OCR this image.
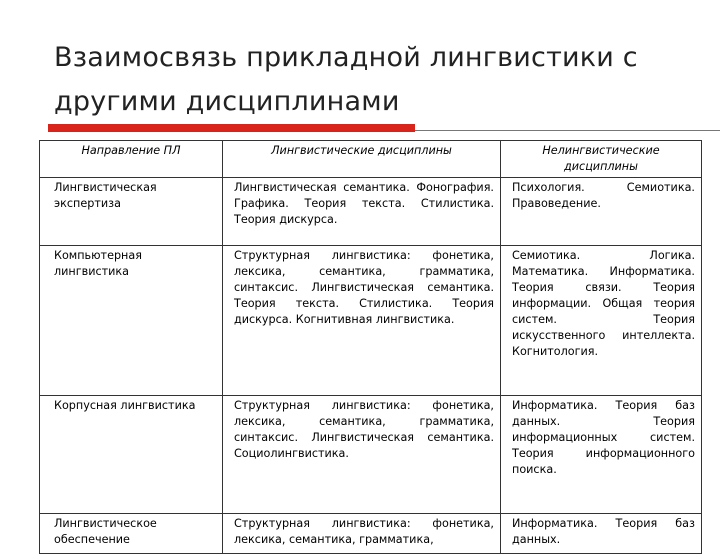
Взаимосвязь прикладной лингвистики с
другими дисциплинами
Направление ПЛ	Лингвистические дисциплины	Нелингвистические дисциплины
Лингвистическая экспертиза	Лингвистическая семантика. Фонография. Графика. Теория текста. Стилистика. Теория дискурса.	Психология. Семиотика. Правоведение.
Компьютерная лингвистика	Структурная лингвистика: фонетика, лексика, семантика, грамматика, синтаксис. Лингвистическая семантика. Теория текста. Стилистика. Теория дискурса. Когнитивная лингвистика.	Семиотика. Логика. Математика. Информатика. Теория связи. Теория информации. Общая теория систем. Теория искусственного интеллекта. Когнитология.
Корпусная лингвистика	Структурная лингвистика: фонетика, лексика, семантика, грамматика, синтаксис. Лингвистическая семантика. Социолингвистика.	Информатика. Теория баз данных. Теория информационных систем. Теория информационного поиска.
Лингвистическое обеспечение	Структурная лингвистика: фонетика, лексика, семантика, грамматика,	Информатика. Теория баз данных.
